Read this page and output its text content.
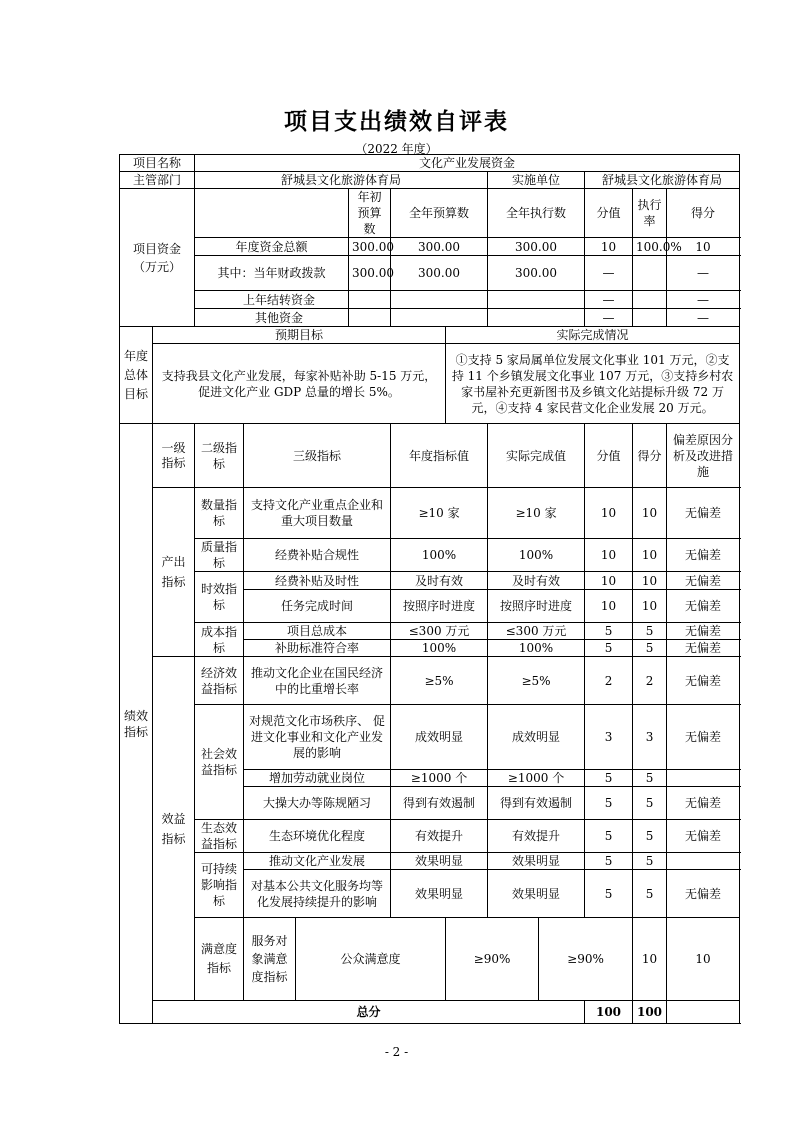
项目支出绩效自评表
（2022 年度）
项目名称		文化产业发展资金											
主管部门		舒城县文化旅游体育局						实施单位		舒城县文化旅游体育局			
项目资金（万元）					年初预算数	全年预算数		全年执行数		分值	执行率	得分	
		年度资金总额			300.00	300.00		300.00		10	100.0%	10	
		其中：当年财政拨款			300.00	300.00		300.00		—		—	
		上年结转资金								—		—	
		其他资金								—		—	
年度总体目标	预期目标						实际完成情况						
	支持我县文化产业发展，每家补贴补助 5-15 万元，促进文化产业 GDP 总量的增长 5%。						①支持 5 家局属单位发展文化事业 101 万元，②支持 11 个乡镇发展文化事业 107 万元，③支持乡村农家书屋补充更新图书及乡镇文化站提标升级 72 万元，④支持 4 家民营文化企业发展 20 万元。						
绩效指标	一级指标	二级指标	三级指标			年度指标值		实际完成值		分值	得分	偏差原因分析及改进措施	
	产出指标	数量指标	支持文化产业重点企业和重大项目数量			≥10 家		≥10 家		10	10	无偏差	
		质量指标	经费补贴合规性			100%		100%		10	10	无偏差	
		时效指标	经费补贴及时性			及时有效		及时有效		10	10	无偏差	
			任务完成时间			按照序时进度		按照序时进度		10	10	无偏差	
		成本指标	项目总成本			≤300 万元		≤300 万元		5	5	无偏差	
			补助标准符合率			100%		100%		5	5	无偏差	
	效益指标	经济效益指标	推动文化企业在国民经济中的比重增长率			≥5%		≥5%		2	2	无偏差	
		社会效益指标	对规范文化市场秩序、 促进文化事业和文化产业发展的影响			成效明显		成效明显		3	3	无偏差	
			增加劳动就业岗位			≥1000 个		≥1000 个		5	5		
			大操大办等陈规陋习			得到有效遏制		得到有效遏制		5	5	无偏差	
		生态效益指标	生态环境优化程度			有效提升		有效提升		5	5	无偏差	
		可持续影响指标	推动文化产业发展			效果明显		效果明显		5	5		
			对基本公共文化服务均等化发展持续提升的影响			效果明显		效果明显		5	5	无偏差	
		满意度指标	服务对象满意度指标	公众满意度			≥90%		≥90%		10	10	
	总分									100	100		
- 2 -
